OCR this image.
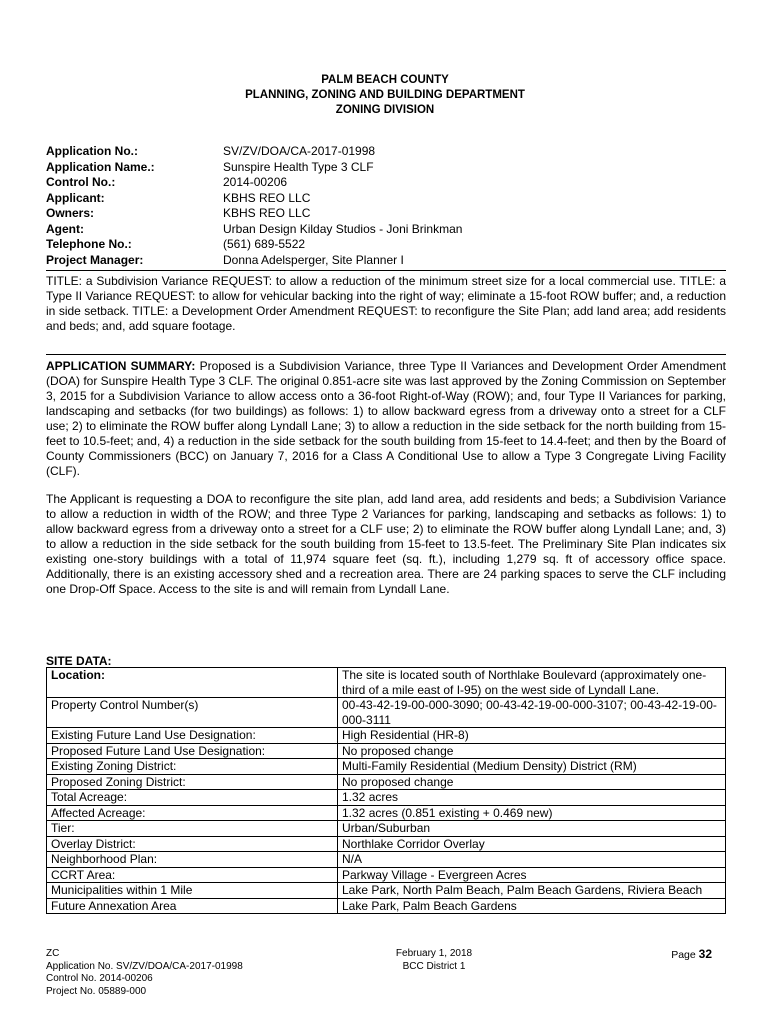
PALM BEACH COUNTY
PLANNING, ZONING AND BUILDING DEPARTMENT
ZONING DIVISION
Application No.:	SV/ZV/DOA/CA-2017-01998
Application Name.:	Sunspire Health Type 3 CLF
Control No.:	2014-00206
Applicant:	KBHS REO LLC
Owners:	KBHS REO LLC
Agent:	Urban Design Kilday Studios - Joni Brinkman
Telephone No.:	(561) 689-5522
Project Manager:	Donna Adelsperger, Site Planner I
TITLE: a Subdivision Variance REQUEST: to allow a reduction of the minimum street size for a local commercial use. TITLE: a Type II Variance REQUEST: to allow for vehicular backing into the right of way; eliminate a 15-foot ROW buffer; and, a reduction in side setback. TITLE: a Development Order Amendment REQUEST: to reconfigure the Site Plan; add land area; add residents and beds; and, add square footage.

APPLICATION SUMMARY: Proposed is a Subdivision Variance, three Type II Variances and Development Order Amendment (DOA) for Sunspire Health Type 3 CLF. The original 0.851-acre site was last approved by the Zoning Commission on September 3, 2015 for a Subdivision Variance to allow access onto a 36-foot Right-of-Way (ROW); and, four Type II Variances for parking, landscaping and setbacks (for two buildings) as follows: 1) to allow backward egress from a driveway onto a street for a CLF use; 2) to eliminate the ROW buffer along Lyndall Lane; 3) to allow a reduction in the side setback for the north building from 15-feet to 10.5-feet; and, 4) a reduction in the side setback for the south building from 15-feet to 14.4-feet; and then by the Board of County Commissioners (BCC) on January 7, 2016 for a Class A Conditional Use to allow a Type 3 Congregate Living Facility (CLF).

The Applicant is requesting a DOA to reconfigure the site plan, add land area, add residents and beds; a Subdivision Variance to allow a reduction in width of the ROW; and three Type 2 Variances for parking, landscaping and setbacks as follows: 1) to allow backward egress from a driveway onto a street for a CLF use; 2) to eliminate the ROW buffer along Lyndall Lane; and, 3) to allow a reduction in the side setback for the south building from 15-feet to 13.5-feet. The Preliminary Site Plan indicates six existing one-story buildings with a total of 11,974 square feet (sq. ft.), including 1,279 sq. ft of accessory office space. Additionally, there is an existing accessory shed and a recreation area. There are 24 parking spaces to serve the CLF including one Drop-Off Space. Access to the site is and will remain from Lyndall Lane.

SITE DATA:
Location:	The site is located south of Northlake Boulevard (approximately one-third of a mile east of I-95) on the west side of Lyndall Lane.
Property Control Number(s)	00-43-42-19-00-000-3090; 00-43-42-19-00-000-3107; 00-43-42-19-00-000-3111
Existing Future Land Use Designation:	High Residential (HR-8)
Proposed Future Land Use Designation:	No proposed change
Existing Zoning District:	Multi-Family Residential (Medium Density) District (RM)
Proposed Zoning District:	No proposed change
Total Acreage:	1.32 acres
Affected Acreage:	1.32 acres (0.851 existing + 0.469 new)
Tier:	Urban/Suburban
Overlay District:	Northlake Corridor Overlay
Neighborhood Plan:	N/A
CCRT Area:	Parkway Village - Evergreen Acres
Municipalities within 1 Mile	Lake Park, North Palm Beach, Palm Beach Gardens, Riviera Beach
Future Annexation Area	Lake Park, Palm Beach Gardens
ZC
Application No. SV/ZV/DOA/CA-2017-01998
Control No. 2014-00206
Project No. 05889-000
February 1, 2018
BCC District 1
Page 32
